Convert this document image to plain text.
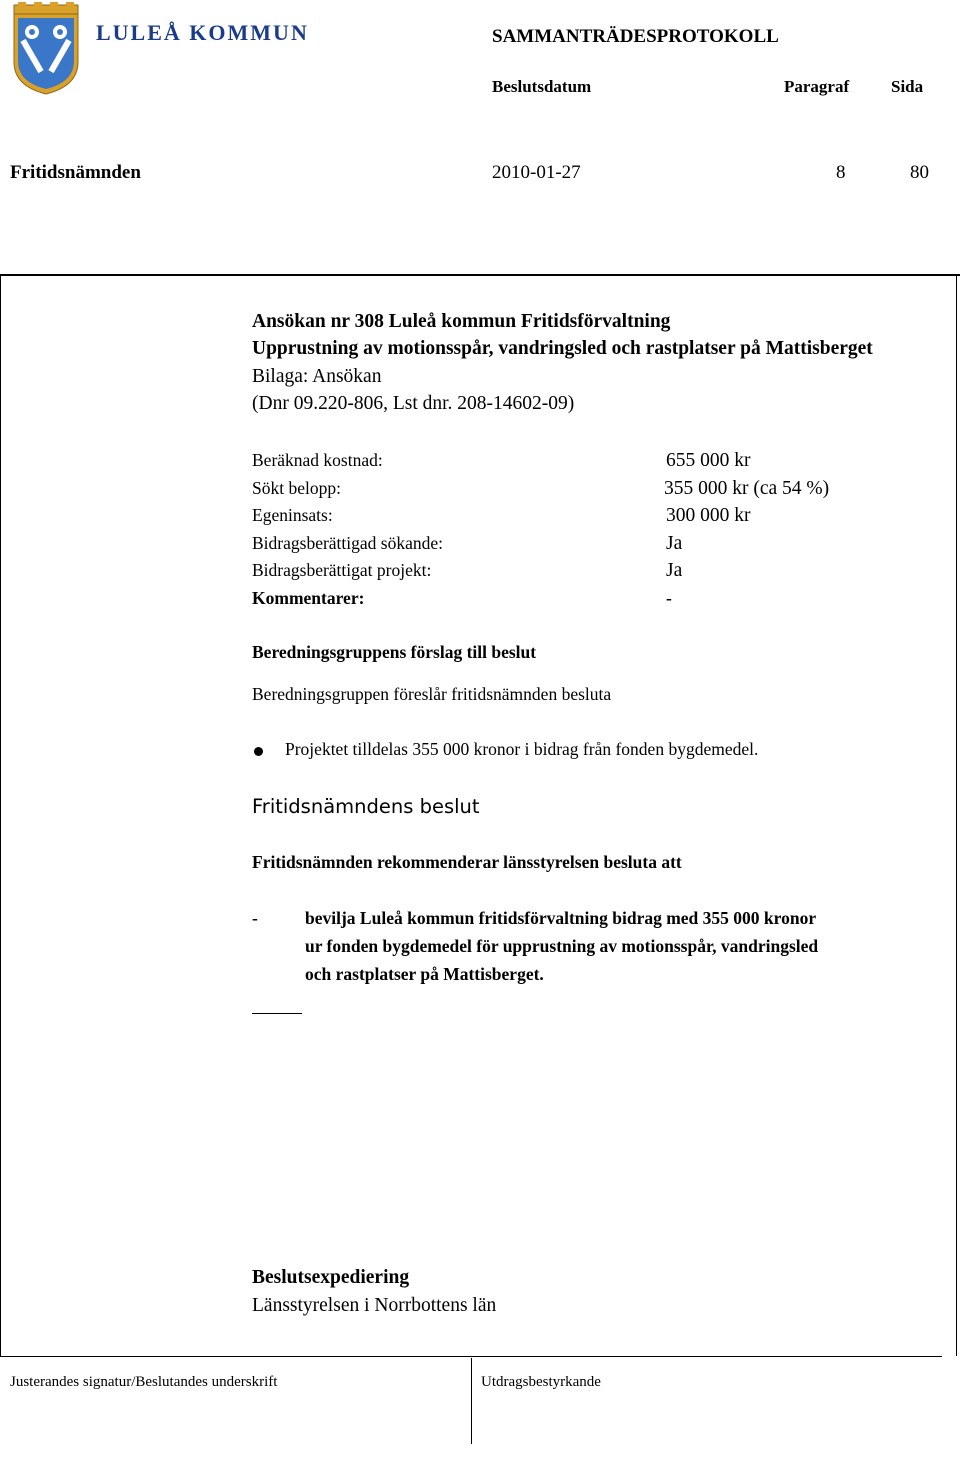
LULEÅ KOMMUN	SAMMANTRÄDESPROTOKOLL
Beslutsdatum	Paragraf Sida
Fritidsnämnden	2010-01-27	8	80
Ansökan nr 308 Luleå kommun Fritidsförvaltning
Upprustning av motionsspår, vandringsled och rastplatser på Mattisberget
Bilaga: Ansökan
(Dnr 09.220-806, Lst dnr. 208-14602-09)
Beräknad kostnad:	655 000 kr
Sökt belopp:	355 000 kr (ca 54 %)
Egeninsats:	300 000 kr
Bidragsberättigad sökande:	Ja
Bidragsberättigat projekt:	Ja
Kommentarer:	-
Beredningsgruppens förslag till beslut
Beredningsgruppen föreslår fritidsnämnden besluta
Projektet tilldelas 355 000 kronor i bidrag från fonden bygdemedel.
Fritidsnämndens beslut
Fritidsnämnden rekommenderar länsstyrelsen besluta att
-	bevilja Luleå kommun fritidsförvaltning bidrag med 355 000 kronor
ur fonden bygdemedel för upprustning av motionsspår, vandringsled
och rastplatser på Mattisberget.
Beslutsexpediering
Länsstyrelsen i Norrbottens län
Justerandes signatur/Beslutandes underskrift	Utdragsbestyrkande
